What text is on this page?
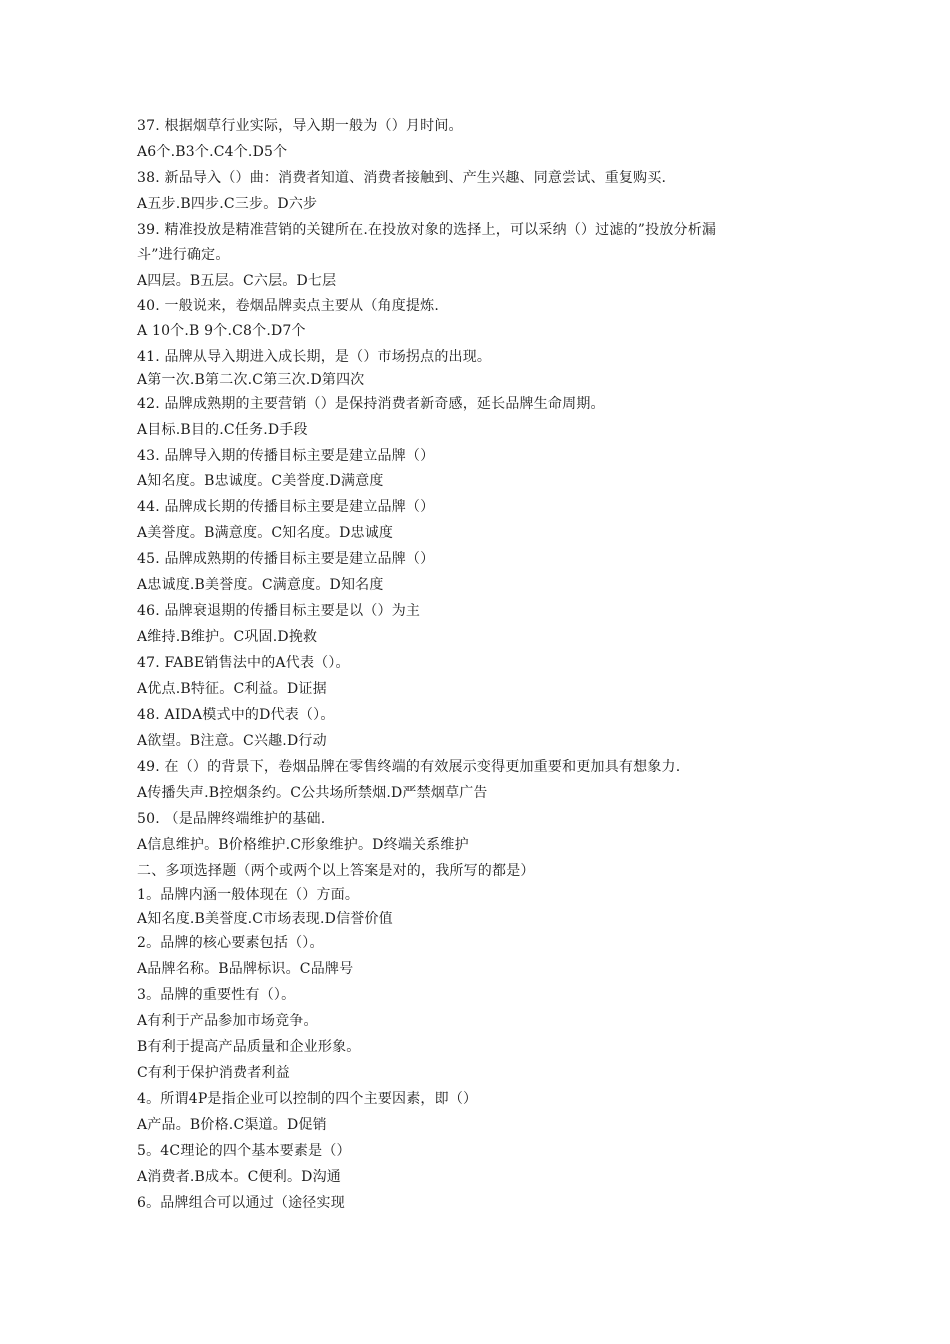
37. 根据烟草行业实际，导入期一般为（）月时间。
A6个.B3个.C4个.D5个
38. 新品导入（）曲：消费者知道、消费者接触到、产生兴趣、同意尝试、重复购买.
A五步.B四步.C三步。D六步
39. 精准投放是精准营销的关键所在.在投放对象的选择上，可以采纳（）过滤的”投放分析漏
斗”进行确定。
A四层。B五层。C六层。D七层
40. 一般说来，卷烟品牌卖点主要从（角度提炼.
A 10个.B 9个.C8个.D7个
41. 品牌从导入期进入成长期，是（）市场拐点的出现。
A第一次.B第二次.C第三次.D第四次
42. 品牌成熟期的主要营销（）是保持消费者新奇感，延长品牌生命周期。
A目标.B目的.C任务.D手段
43. 品牌导入期的传播目标主要是建立品牌（）
A知名度。B忠诚度。C美誉度.D满意度
44. 品牌成长期的传播目标主要是建立品牌（）
A美誉度。B满意度。C知名度。D忠诚度
45. 品牌成熟期的传播目标主要是建立品牌（）
A忠诚度.B美誉度。C满意度。D知名度
46. 品牌衰退期的传播目标主要是以（）为主
A维持.B维护。C巩固.D挽救
47. FABE销售法中的A代表（）。
A优点.B特征。C利益。D证据
48. AIDA模式中的D代表（）。
A欲望。B注意。C兴趣.D行动
49. 在（）的背景下，卷烟品牌在零售终端的有效展示变得更加重要和更加具有想象力.
A传播失声.B控烟条约。C公共场所禁烟.D严禁烟草广告
50. （是品牌终端维护的基础.
A信息维护。B价格维护.C形象维护。D终端关系维护
二、多项选择题（两个或两个以上答案是对的，我所写的都是）
1。品牌内涵一般体现在（）方面。
A知名度.B美誉度.C市场表现.D信誉价值
2。品牌的核心要素包括（）。
A品牌名称。B品牌标识。C品牌号
3。品牌的重要性有（）。
A有利于产品参加市场竞争。
B有利于提高产品质量和企业形象。
C有利于保护消费者利益
4。所谓4P是指企业可以控制的四个主要因素，即（）
A产品。B价格.C渠道。D促销
5。4C理论的四个基本要素是（）
A消费者.B成本。C便利。D沟通
6。品牌组合可以通过（途径实现
